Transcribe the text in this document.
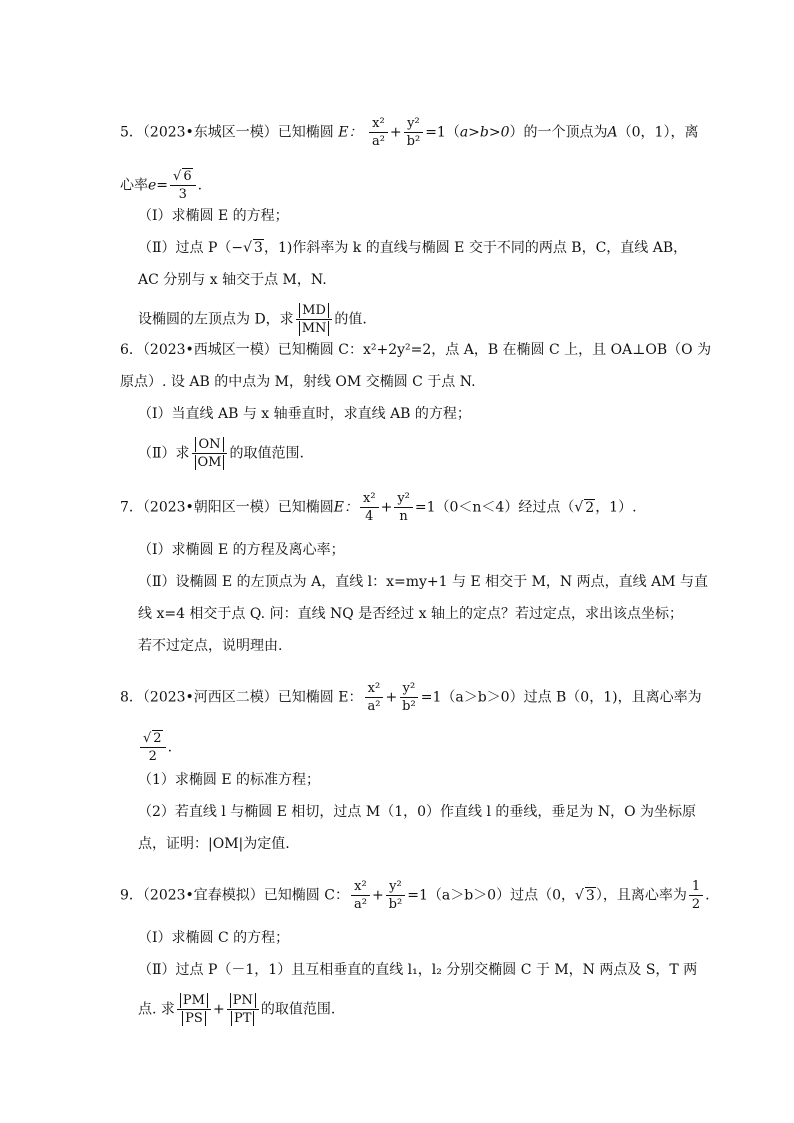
5．（2023•东城区一模）已知椭圆 E： $\frac{\text{x²}}{\text{a²}} + \frac{\text{y²}}{\text{b²}} =1(a>b>0)$的一个顶点为A（0，1），离
心率$e= \frac{√ 6}{3}$ .
（Ⅰ）求椭圆 E 的方程；
（Ⅱ）过点 P（−√ 3，1)作斜率为 k 的直线与椭圆 E 交于不同的两点 B，C，直线 AB，
AC 分别与 x 轴交于点 M，N.
设椭圆的左顶点为 D，求 $\frac{MD}{MN}$ 的值.
6．（2023•西城区一模）已知椭圆 C：x²+2y²=2，点 A，B 在椭圆 C 上，且 OA⊥OB（O 为
原点）. 设 AB 的中点为 M，射线 OM 交椭圆 C 于点 N.
（Ⅰ）当直线 AB 与 x 轴垂直时，求直线 AB 的方程；
（Ⅱ）求 $\frac{ON}{OM}$ 的取值范围.
7．（2023•朝阳区一模）已知椭圆E： $\frac{\text{x²}}{4} + \frac{\text{y²}}{n} =1(0<n<4)$经过点（√ 2，1）.
（Ⅰ）求椭圆 E 的方程及离心率；
（Ⅱ）设椭圆 E 的左顶点为 A，直线 l：x=my+1 与 E 相交于 M，N 两点，直线 AM 与直
线 x=4 相交于点 Q. 问：直线 NQ 是否经过 x 轴上的定点？若过定点，求出该点坐标；
若不过定点，说明理由.
8．（2023•河西区二模）已知椭圆 E： $\frac{\text{x²}}{\text{a²}} + \frac{\text{y²}}{\text{b²}} =1(a>b>0)$过点 B（0，1)，且离心率为
$\frac{√ 2}{2}$ .
（1）求椭圆 E 的标准方程；
（2）若直线 l 与椭圆 E 相切，过点 M（1，0）作直线 l 的垂线，垂足为 N，O 为坐标原
点，证明：|OM|为定值.
9．（2023•宜春模拟）已知椭圆 C： $\frac{\text{x²}}{\text{a²}} + \frac{\text{y²}}{\text{b²}} =1(a>b>0)$过点（0，√ 3），且离心率为 $\frac{1}{2}$ .
（Ⅰ）求椭圆 C 的方程；
（Ⅱ）过点 P（－1，1）且互相垂直的直线 l₁，l₂ 分别交椭圆 C 于 M，N 两点及 S，T 两
点. 求 $\frac{PM}{PS} + \frac{PN}{PT}$ 的取值范围.
